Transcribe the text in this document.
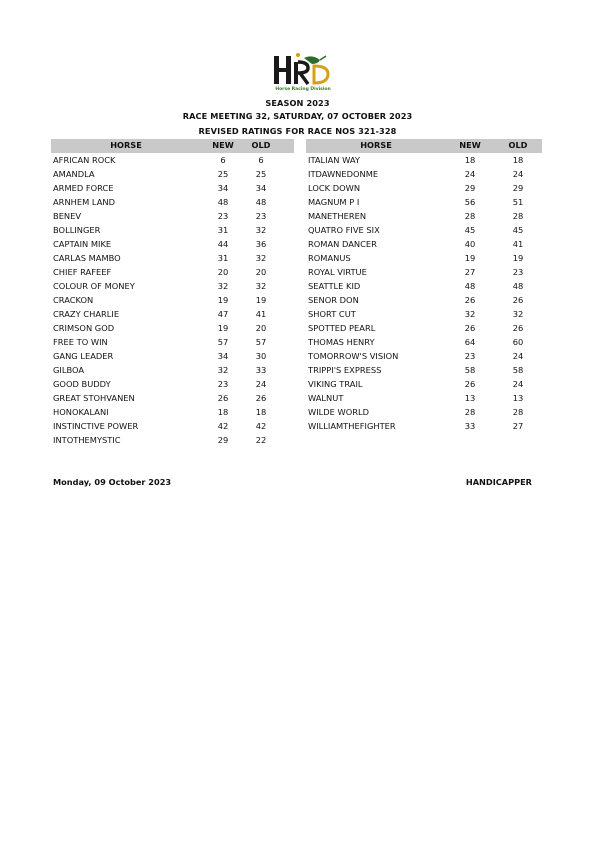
Horse Racing Division
SEASON 2023
RACE MEETING 32, SATURDAY, 07 OCTOBER 2023
REVISED RATINGS FOR RACE NOS 321-328
HORSE	NEW	OLD	HORSE	NEW	OLD
AFRICAN ROCK	6	6
AMANDLA	25	25
ARMED FORCE	34	34
ARNHEM LAND	48	48
BENEV	23	23
BOLLINGER	31	32
CAPTAIN MIKE	44	36
CARLAS MAMBO	31	32
CHIEF RAFEEF	20	20
COLOUR OF MONEY	32	32
CRACKON	19	19
CRAZY CHARLIE	47	41
CRIMSON GOD	19	20
FREE TO WIN	57	57
GANG LEADER	34	30
GILBOA	32	33
GOOD BUDDY	23	24
GREAT STOHVANEN	26	26
HONOKALANI	18	18
INSTINCTIVE POWER	42	42
INTOTHEMYSTIC	29	22
ITALIAN WAY	18	18
ITDAWNEDONME	24	24
LOCK DOWN	29	29
MAGNUM P I	56	51
MANETHEREN	28	28
QUATRO FIVE SIX	45	45
ROMAN DANCER	40	41
ROMANUS	19	19
ROYAL VIRTUE	27	23
SEATTLE KID	48	48
SENOR DON	26	26
SHORT CUT	32	32
SPOTTED PEARL	26	26
THOMAS HENRY	64	60
TOMORROW'S VISION	23	24
TRIPPI'S EXPRESS	58	58
VIKING TRAIL	26	24
WALNUT	13	13
WILDE WORLD	28	28
WILLIAMTHEFIGHTER	33	27
Monday, 09 October 2023	HANDICAPPER
